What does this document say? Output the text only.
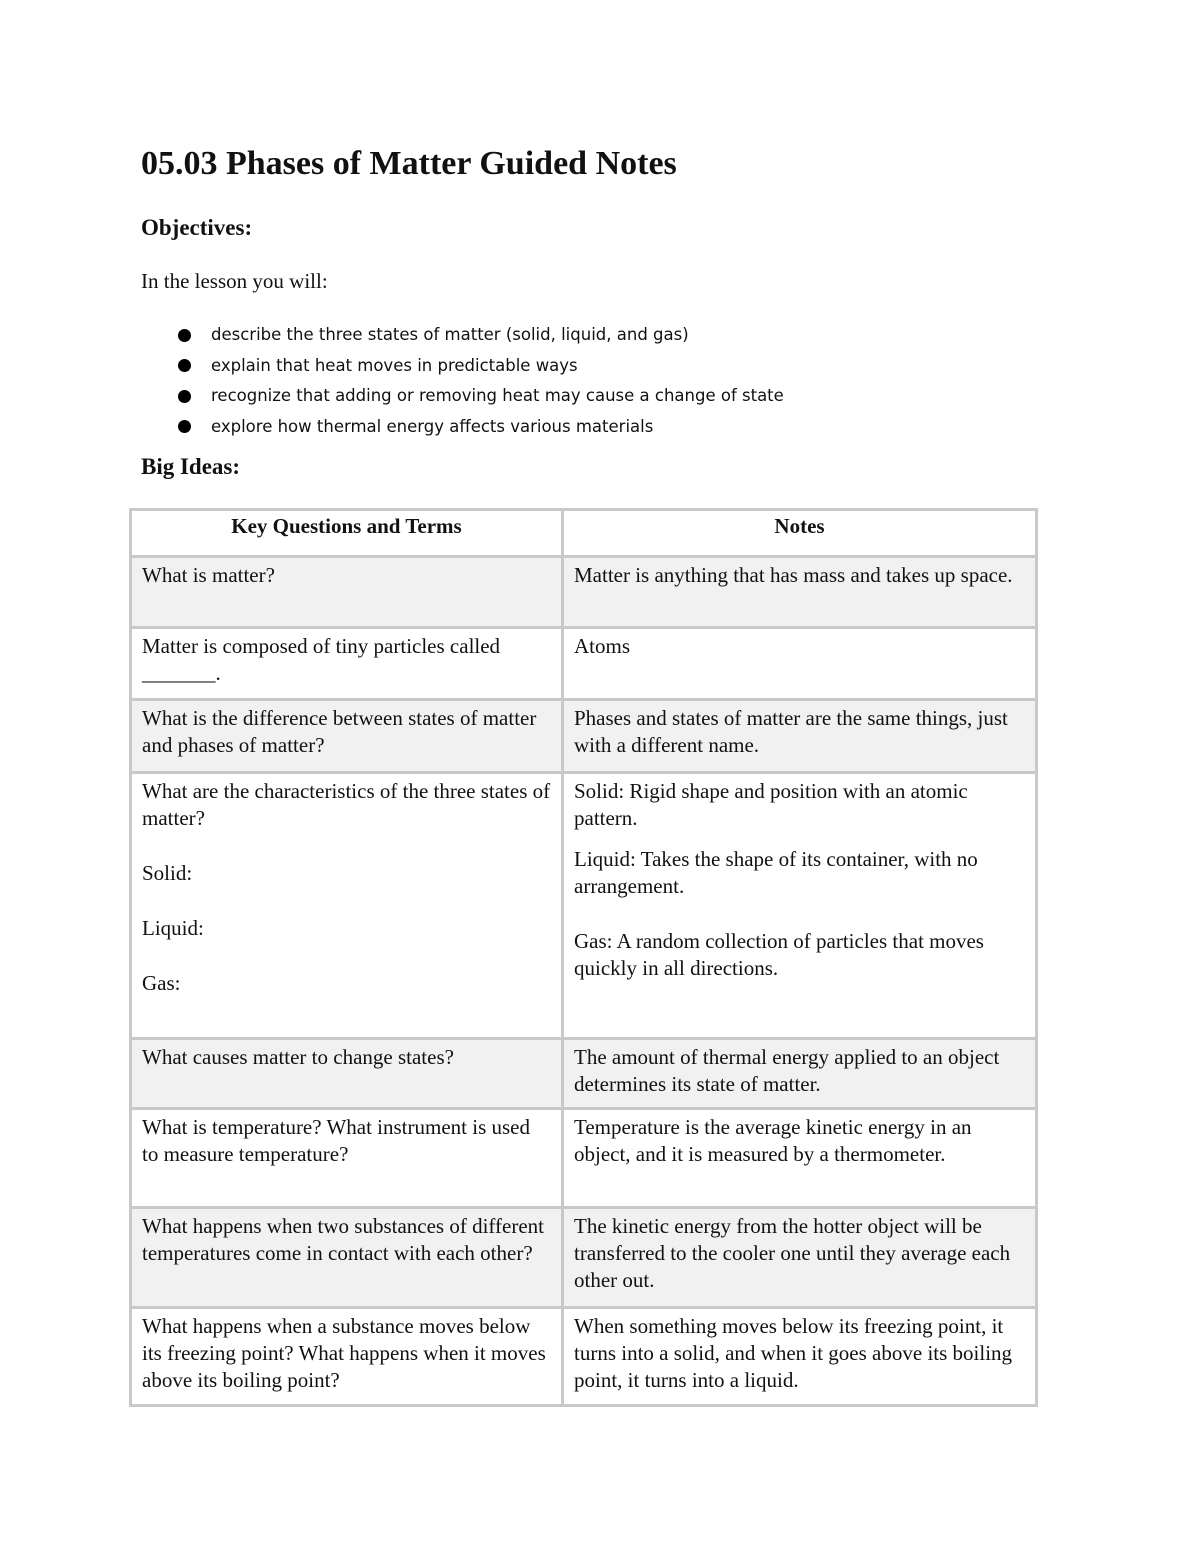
05.03 Phases of Matter Guided Notes
Objectives:

In the lesson you will:

describe the three states of matter (solid, liquid, and gas)
explain that heat moves in predictable ways
recognize that adding or removing heat may cause a change of state
explore how thermal energy affects various materials
Big Ideas:
Key Questions and Terms	Notes

What is matter?	Matter is anything that has mass and takes up space.

Matter is composed of tiny particles called _______.	Atoms

What is the difference between states of matter and phases of matter?	Phases and states of matter are the same things, just with a different name.

What are the characteristics of the three states of matter?
Solid:
Liquid:
Gas:	Solid: Rigid shape and position with an atomic pattern.
Liquid: Takes the shape of its container, with no arrangement.
Gas: A random collection of particles that moves quickly in all directions.

What causes matter to change states?	The amount of thermal energy applied to an object determines its state of matter.

What is temperature? What instrument is used to measure temperature?	Temperature is the average kinetic energy in an object, and it is measured by a thermometer.

What happens when two substances of different temperatures come in contact with each other?	The kinetic energy from the hotter object will be transferred to the cooler one until they average each other out.

What happens when a substance moves below its freezing point? What happens when it moves above its boiling point?	When something moves below its freezing point, it turns into a solid, and when it goes above its boiling point, it turns into a liquid.
